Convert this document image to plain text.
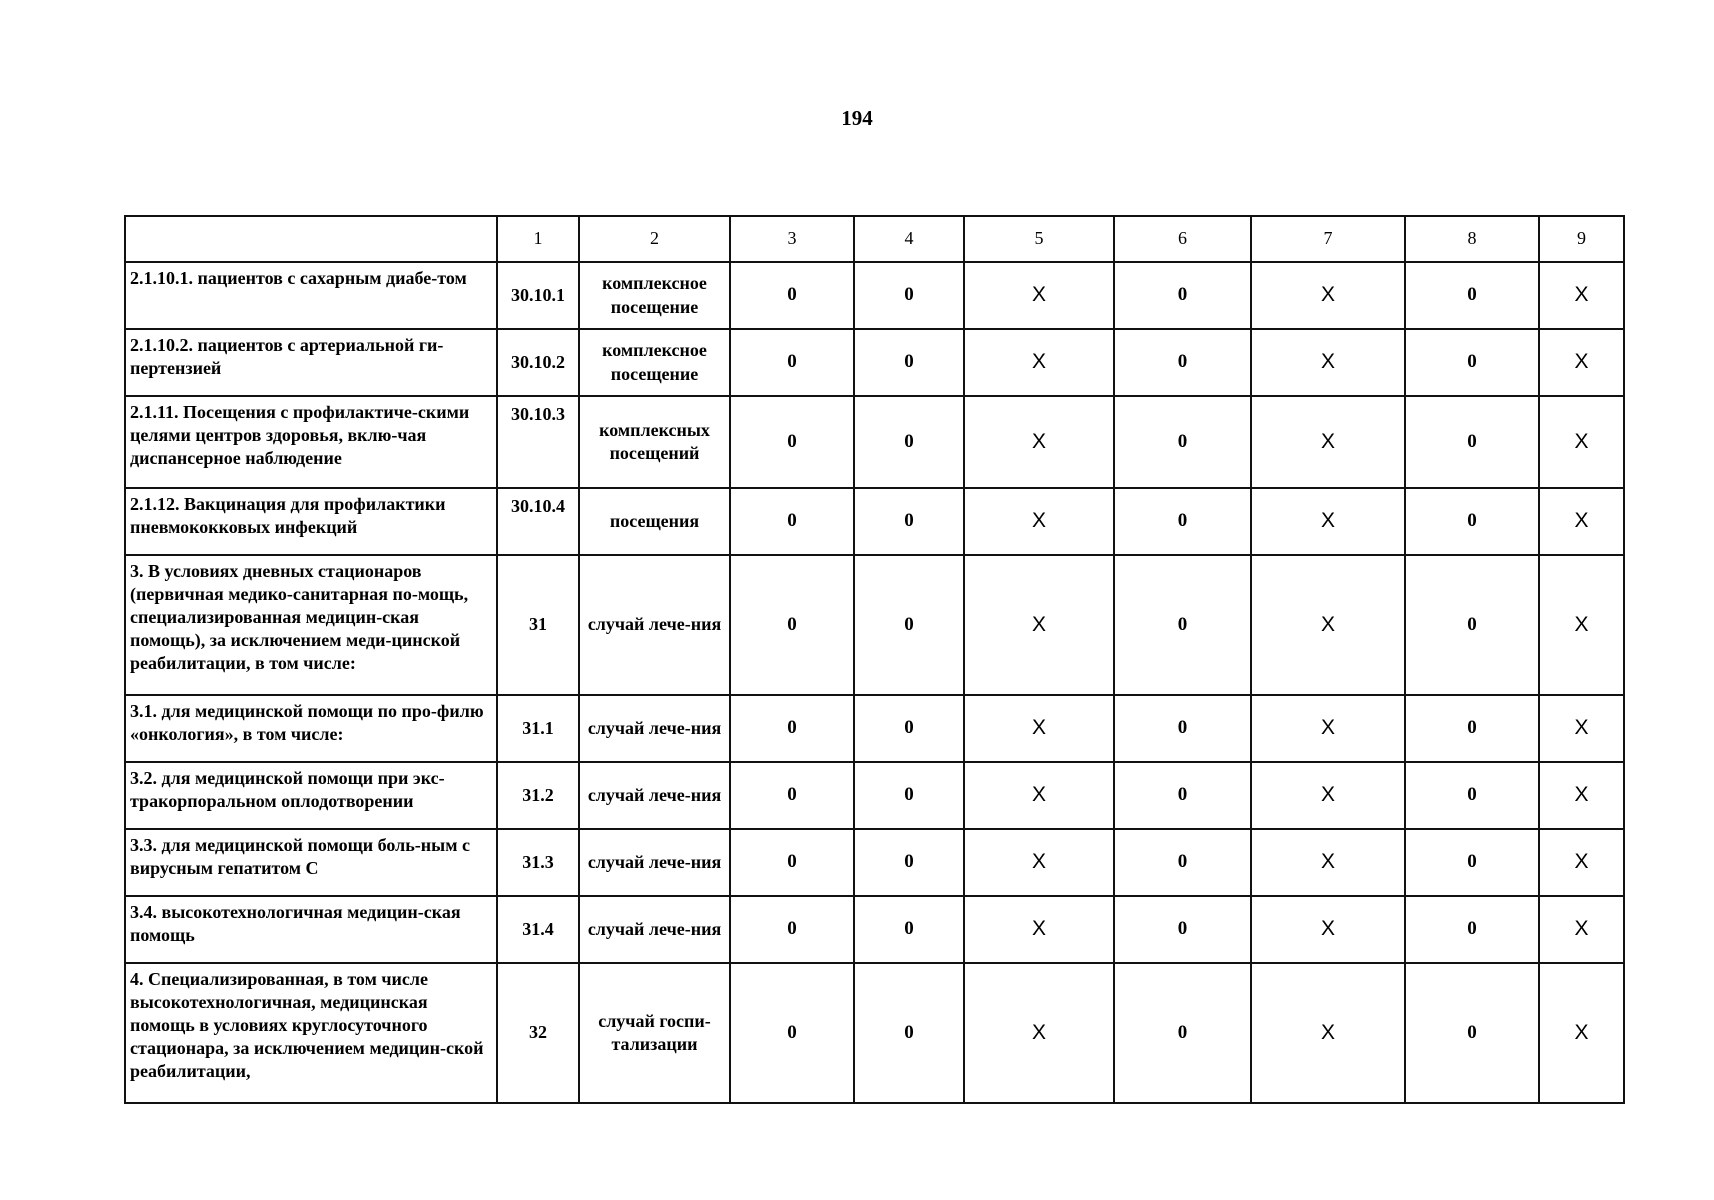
194
	1	2	3	4	5	6	7	8	9
2.1.10.1. пациентов с сахарным диабе-том	30.10.1	комплексное посещение	0	0	X	0	X	0	X
2.1.10.2. пациентов с артериальной ги-пертензией	30.10.2	комплексное посещение	0	0	X	0	X	0	X
2.1.11. Посещения с профилактиче-скими целями центров здоровья, вклю-чая диспансерное наблюдение	30.10.3	комплексных посещений	0	0	X	0	X	0	X
2.1.12. Вакцинация для профилактики пневмококковых инфекций	30.10.4	посещения	0	0	X	0	X	0	X
3. В условиях дневных стационаров (первичная медико-санитарная по-мощь, специализированная медицин-ская помощь), за исключением меди-цинской реабилитации, в том числе:	31	случай лече-ния	0	0	X	0	X	0	X
3.1. для медицинской помощи по про-филю «онкология», в том числе:	31.1	случай лече-ния	0	0	X	0	X	0	X
3.2. для медицинской помощи при экс-тракорпоральном оплодотворении	31.2	случай лече-ния	0	0	X	0	X	0	X
3.3. для медицинской помощи боль-ным с вирусным гепатитом С	31.3	случай лече-ния	0	0	X	0	X	0	X
3.4. высокотехнологичная медицин-ская помощь	31.4	случай лече-ния	0	0	X	0	X	0	X
4. Специализированная, в том числе высокотехнологичная, медицинская помощь в условиях круглосуточного стационара, за исключением медицин-ской реабилитации,	32	случай госпи-тализации	0	0	X	0	X	0	X
